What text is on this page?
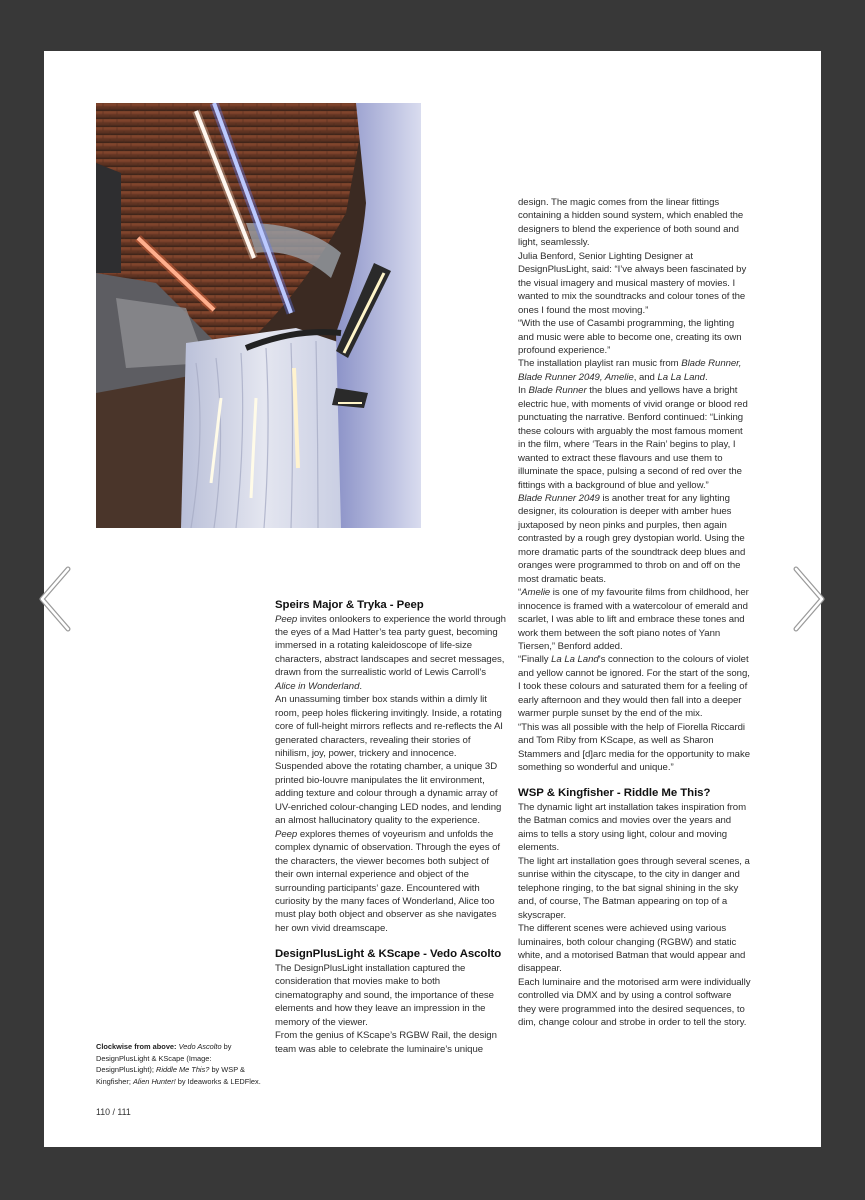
Speirs Major & Tryka - Peep

Peep invites onlookers to experience the world through the eyes of a Mad Hatter’s tea party guest, becoming immersed in a rotating kaleidoscope of life-size characters, abstract landscapes and secret messages, drawn from the surrealistic world of Lewis Carroll’s Alice in Wonderland.

An unassuming timber box stands within a dimly lit room, peep holes flickering invitingly. Inside, a rotating core of full-height mirrors reflects and re-reflects the AI generated characters, revealing their stories of nihilism, joy, power, trickery and innocence. Suspended above the rotating chamber, a unique 3D printed bio-louvre manipulates the lit environment, adding texture and colour through a dynamic array of UV-enriched colour-changing LED nodes, and lending an almost hallucinatory quality to the experience.

Peep explores themes of voyeurism and unfolds the complex dynamic of observation. Through the eyes of the characters, the viewer becomes both subject of their own internal experience and object of the surrounding participants’ gaze. Encountered with curiosity by the many faces of Wonderland, Alice too must play both object and observer as she navigates her own vivid dreamscape.

DesignPlusLight & KScape - Vedo Ascolto

The DesignPlusLight installation captured the consideration that movies make to both cinematography and sound, the importance of these elements and how they leave an impression in the memory of the viewer.

From the genius of KScape’s RGBW Rail, the design team was able to celebrate the luminaire’s unique

design. The magic comes from the linear fittings containing a hidden sound system, which enabled the designers to blend the experience of both sound and light, seamlessly.

Julia Benford, Senior Lighting Designer at DesignPlusLight, said: “I’ve always been fascinated by the visual imagery and musical mastery of movies. I wanted to mix the soundtracks and colour tones of the ones I found the most moving.”

“With the use of Casambi programming, the lighting and music were able to become one, creating its own profound experience.”

The installation playlist ran music from Blade Runner, Blade Runner 2049, Amelie, and La La Land.

In Blade Runner the blues and yellows have a bright electric hue, with moments of vivid orange or blood red punctuating the narrative. Benford continued: “Linking these colours with arguably the most famous moment in the film, where ‘Tears in the Rain’ begins to play, I wanted to extract these flavours and use them to illuminate the space, pulsing a second of red over the fittings with a background of blue and yellow.”

Blade Runner 2049 is another treat for any lighting designer, its colouration is deeper with amber hues juxtaposed by neon pinks and purples, then again contrasted by a rough grey dystopian world. Using the more dramatic parts of the soundtrack deep blues and oranges were programmed to throb on and off on the most dramatic beats.

“Amelie is one of my favourite films from childhood, her innocence is framed with a watercolour of emerald and scarlet, I was able to lift and embrace these tones and work them between the soft piano notes of Yann Tiersen,” Benford added.

“Finally La La Land’s connection to the colours of violet and yellow cannot be ignored. For the start of the song, I took these colours and saturated them for a feeling of early afternoon and they would then fall into a deeper warmer purple sunset by the end of the mix.

“This was all possible with the help of Fiorella Riccardi and Tom Riby from KScape, as well as Sharon Stammers and [d]arc media for the opportunity to make something so wonderful and unique.”

WSP & Kingfisher - Riddle Me This?

The dynamic light art installation takes inspiration from the Batman comics and movies over the years and aims to tells a story using light, colour and moving elements.

The light art installation goes through several scenes, a sunrise within the cityscape, to the city in danger and telephone ringing, to the bat signal shining in the sky and, of course, The Batman appearing on top of a skyscraper.

The different scenes were achieved using various luminaires, both colour changing (RGBW) and static white, and a motorised Batman that would appear and disappear.

Each luminaire and the motorised arm were individually controlled via DMX and by using a control software they were programmed into the desired sequences, to dim, change colour and strobe in order to tell the story.

Clockwise from above: Vedo Ascolto by DesignPlusLight & KScape (Image: DesignPlusLight); Riddle Me This? by WSP & Kingfisher; Alien Hunter! by Ideaworks & LEDFlex.
110 / 111
